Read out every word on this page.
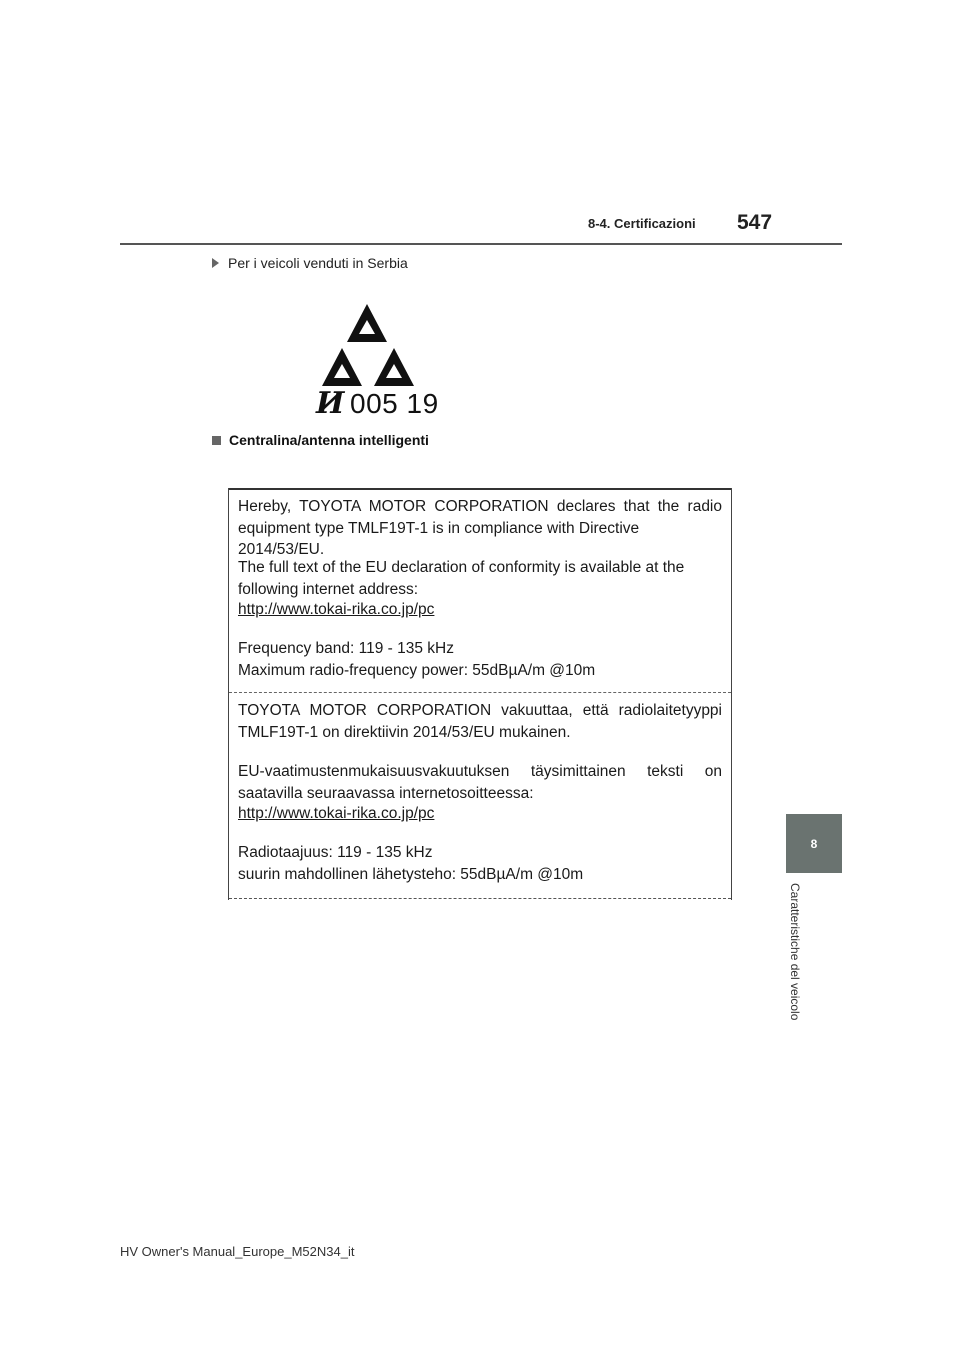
8-4. Certificazioni 547
Per i veicoli venduti in Serbia
И 005 19
Centralina/antenna intelligenti

Hereby, TOYOTA MOTOR CORPORATION declares that the radio

equipment type TMLF19T-1 is in compliance with Directive 2014/53/EU.

The full text of the EU declaration of conformity is available at the

following internet address:

http://www.tokai-rika.co.jp/pc

Frequency band: 119 - 135 kHz

Maximum radio-frequency power: 55dBµA/m @10m

TOYOTA MOTOR CORPORATION vakuuttaa, että radiolaitetyyppi

TMLF19T-1 on direktiivin 2014/53/EU mukainen.

EU-vaatimustenmukaisuusvakuutuksen täysimittainen teksti on

saatavilla seuraavassa internetosoitteessa:

http://www.tokai-rika.co.jp/pc

Radiotaajuus: 119 - 135 kHz

suurin mahdollinen lähetysteho: 55dBµA/m @10m

8
Caratteristiche del veicolo
HV Owner's Manual_Europe_M52N34_it
